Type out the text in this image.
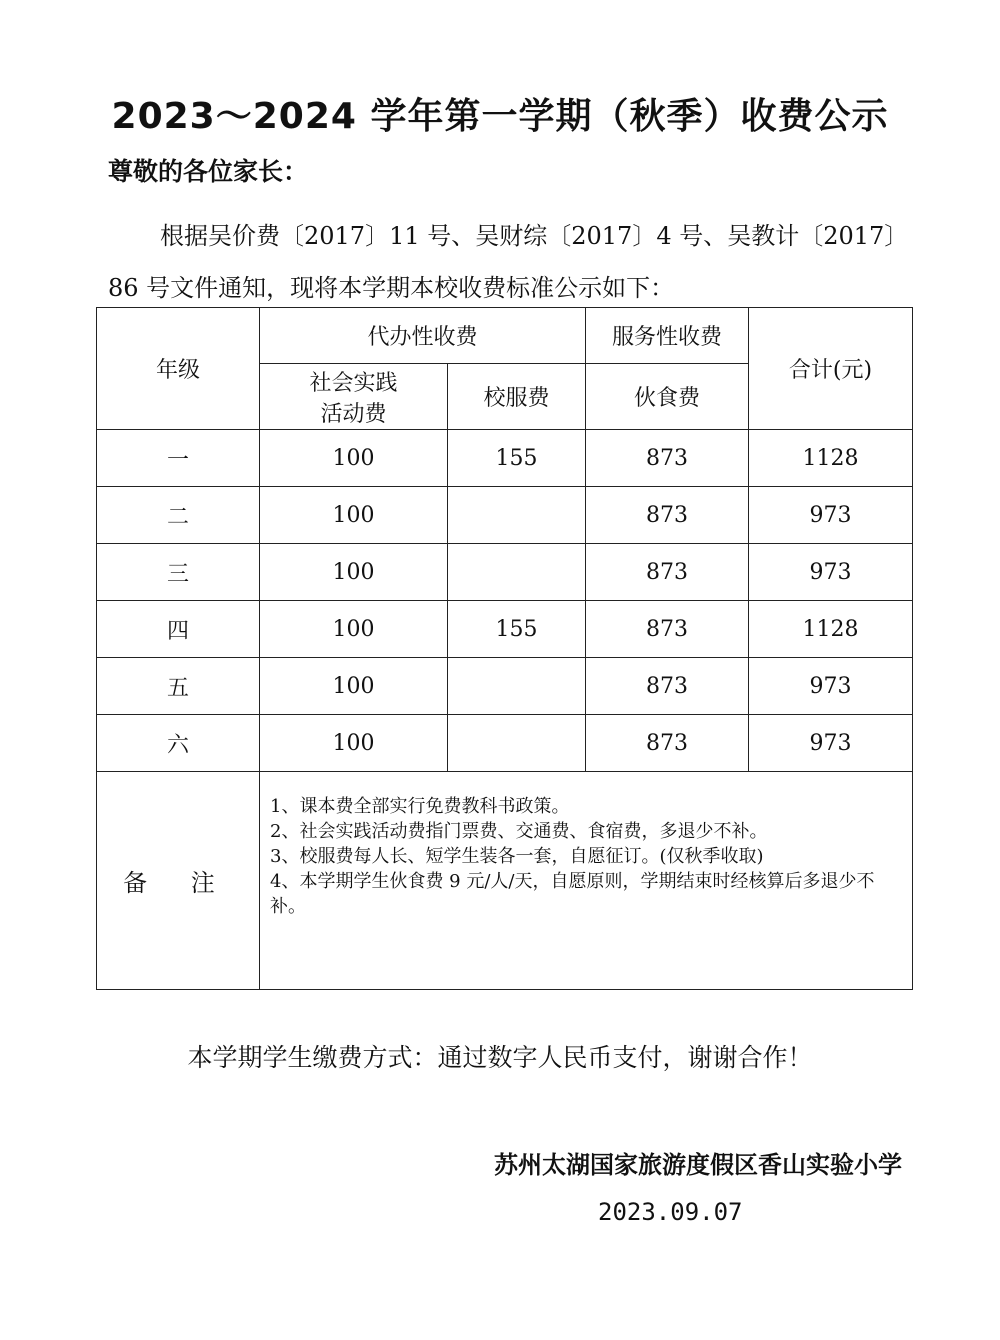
2023～2024 学年第一学期（秋季）收费公示
尊敬的各位家长：
根据吴价费〔2017〕11 号、吴财综〔2017〕4 号、吴教计〔2017〕86 号文件通知，现将本学期本校收费标准公示如下：
年级	代办性收费		服务性收费	合计(元)

	社会实践
活动费	校服费	伙食费	
一	100	155	873	1128
二	100		873	973
三	100		873	973
四	100	155	873	1128
五	100		873	973
六	100		873	973
备 注	1、课本费全部实行免费教科书政策。
2、社会实践活动费指门票费、交通费、食宿费，多退少不补。
3、校服费每人长、短学生装各一套，自愿征订。(仅秋季收取)
4、本学期学生伙食费 9 元/人/天，自愿原则，学期结束时经核算后多退少不补。			
本学期学生缴费方式：通过数字人民币支付，谢谢合作！
苏州太湖国家旅游度假区香山实验小学
2023.09.07
